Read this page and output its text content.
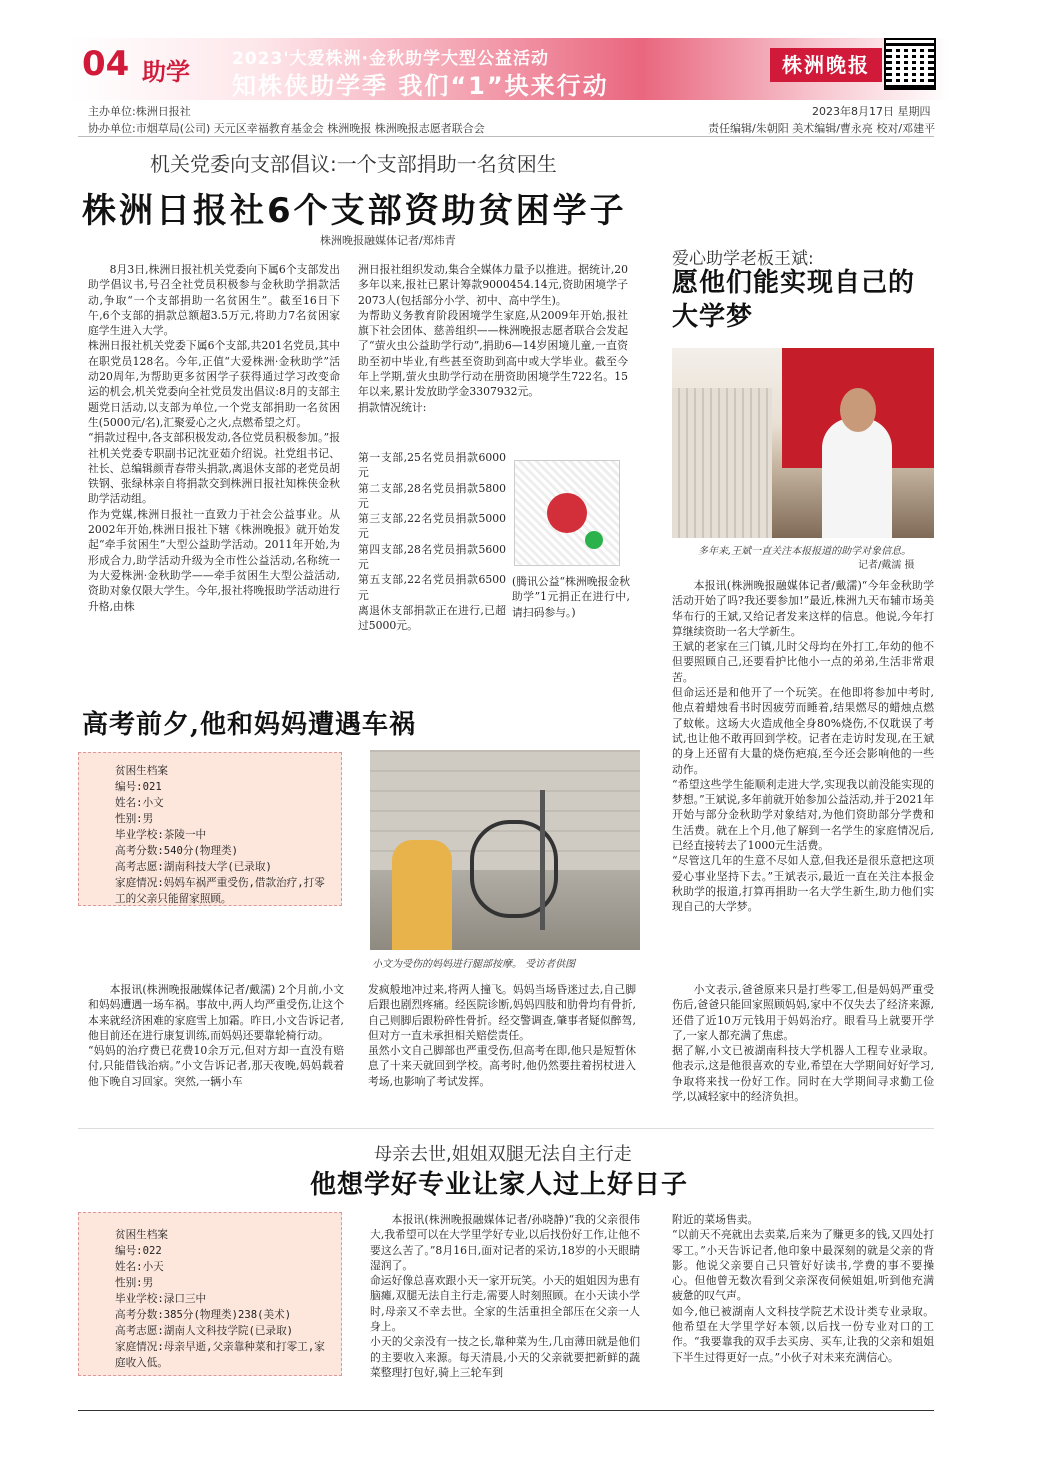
04 助学 2023'大爱株洲·金秋助学大型公益活动
知株侠助学季 我们“1”块来行动
株洲晚报
主办单位:株洲日报社
协办单位:市烟草局(公司) 天元区幸福教育基金会 株洲晚报 株洲晚报志愿者联合会
2023年8月17日 星期四
责任编辑/朱朝阳 美术编辑/曹永亮 校对/邓建平
机关党委向支部倡议:一个支部捐助一名贫困生
株洲日报社6个支部资助贫困学子
株洲晚报融媒体记者/郑炜青
8月3日,株洲日报社机关党委向下属6个支部发出助学倡议书,号召全社党员积极参与金秋助学捐款活动,争取“一个支部捐助一名贫困生”。截至16日下午,6个支部的捐款总额超3.5万元,将助力7名贫困家庭学生进入大学。
株洲日报社机关党委下属6个支部,共201名党员,其中在职党员128名。今年,正值“大爱株洲·金秋助学”活动20周年,为帮助更多贫困学子获得通过学习改变命运的机会,机关党委向全社党员发出倡议:8月的支部主题党日活动,以支部为单位,一个党支部捐助一名贫困生(5000元/名),汇聚爱心之火,点燃希望之灯。
“捐款过程中,各支部积极发动,各位党员积极参加。”报社机关党委专职副书记沈亚茹介绍说。社党组书记、社长、总编辑颜青春带头捐款,离退休支部的老党员胡铁钢、张绿林亲自将捐款交到株洲日报社知株侠金秋助学活动组。
作为党媒,株洲日报社一直致力于社会公益事业。从2002年开始,株洲日报社下辖《株洲晚报》就开始发起“牵手贫困生”大型公益助学活动。2011年开始,为形成合力,助学活动升级为全市性公益活动,名称统一为大爱株洲·金秋助学——牵手贫困生大型公益活动,资助对象仅限大学生。今年,报社将晚报助学活动进行升格,由株
洲日报社组织发动,集合全媒体力量予以推进。据统计,20多年以来,报社已累计筹款9000454.14元,资助困境学子2073人(包括部分小学、初中、高中学生)。
为帮助义务教育阶段困境学生家庭,从2009年开始,报社旗下社会团体、慈善组织——株洲晚报志愿者联合会发起了“萤火虫公益助学行动”,捐助6—14岁困境儿童,一直资助至初中毕业,有些甚至资助到高中或大学毕业。截至今年上学期,萤火虫助学行动在册资助困境学生722名。15年以来,累计发放助学金3307932元。
捐款情况统计:
第一支部,25名党员捐款6000元
第二支部,28名党员捐款5800元
第三支部,22名党员捐款5000元
第四支部,28名党员捐款5600元
第五支部,22名党员捐款6500元
离退休支部捐款正在进行,已超过5000元。
(腾讯公益“株洲晚报金秋助学”1元捐正在进行中,请扫码参与。)
爱心助学老板王斌:
愿他们能实现自己的大学梦
多年来,王斌一直关注本报报道的助学对象信息。
记者/戴濡 摄
本报讯(株洲晚报融媒体记者/戴濡)“今年金秋助学活动开始了吗?我还要参加!”最近,株洲九天布辅市场美华布行的王斌,又给记者发来这样的信息。他说,今年打算继续资助一名大学新生。
王斌的老家在三门镇,儿时父母均在外打工,年幼的他不但要照顾自己,还要看护比他小一点的弟弟,生活非常艰苦。
但命运还是和他开了一个玩笑。在他即将参加中考时,他点着蜡烛看书时因疲劳而睡着,结果燃尽的蜡烛点燃了蚊帐。这场大火造成他全身80%烧伤,不仅耽误了考试,也让他不敢再回到学校。记者在走访时发现,在王斌的身上还留有大量的烧伤疤痕,至今还会影响他的一些动作。
“希望这些学生能顺利走进大学,实现我以前没能实现的梦想。”王斌说,多年前就开始参加公益活动,并于2021年开始与部分金秋助学对象结对,为他们资助部分学费和生活费。就在上个月,他了解到一名学生的家庭情况后,已经直接转去了1000元生活费。
“尽管这几年的生意不尽如人意,但我还是很乐意把这项爱心事业坚持下去。”王斌表示,最近一直在关注本报金秋助学的报道,打算再捐助一名大学生新生,助力他们实现自己的大学梦。
高考前夕,他和妈妈遭遇车祸
贫困生档案
编号:021
姓名:小文
性别:男
毕业学校:茶陵一中
高考分数:540分(物理类)
高考志愿:湖南科技大学(已录取)
家庭情况:妈妈车祸严重受伤,借款治疗,打零工的父亲只能留家照顾。
小文为受伤的妈妈进行腿部按摩。 受访者供图
本报讯(株洲晚报融媒体记者/戴濡) 2个月前,小文和妈妈遭遇一场车祸。事故中,两人均严重受伤,让这个本来就经济困难的家庭雪上加霜。昨日,小文告诉记者,他目前还在进行康复训练,而妈妈还要靠轮椅行动。
“妈妈的治疗费已花费10余万元,但对方却一直没有赔付,只能借钱治病。”小文告诉记者,那天夜晚,妈妈载着他下晚自习回家。突然,一辆小车
发疯般地冲过来,将两人撞飞。妈妈当场昏迷过去,自己脚后跟也剧烈疼痛。经医院诊断,妈妈四肢和肋骨均有骨折,自己则脚后跟粉碎性骨折。经交警调查,肇事者疑似醉驾,但对方一直未承担相关赔偿责任。
虽然小文自己脚部也严重受伤,但高考在即,他只是短暂休息了十来天就回到学校。高考时,他仍然要拄着拐杖进入考场,也影响了考试发挥。
小文表示,爸爸原来只是打些零工,但是妈妈严重受伤后,爸爸只能回家照顾妈妈,家中不仅失去了经济来源,还借了近10万元钱用于妈妈治疗。眼看马上就要开学了,一家人都充满了焦虑。
据了解,小文已被湖南科技大学机器人工程专业录取。他表示,这是他很喜欢的专业,希望在大学期间好好学习,争取将来找一份好工作。同时在大学期间寻求勤工俭学,以减轻家中的经济负担。
母亲去世,姐姐双腿无法自主行走
他想学好专业让家人过上好日子
贫困生档案
编号:022
姓名:小天
性别:男
毕业学校:渌口三中
高考分数:385分(物理类)238(美术)
高考志愿:湖南人文科技学院(已录取)
家庭情况:母亲早逝,父亲靠种菜和打零工,家庭收入低。
本报讯(株洲晚报融媒体记者/孙晓静)“我的父亲很伟大,我希望可以在大学里学好专业,以后找份好工作,让他不要这么苦了。”8月16日,面对记者的采访,18岁的小天眼睛湿润了。
命运好像总喜欢跟小天一家开玩笑。小天的姐姐因为患有脑瘫,双腿无法自主行走,需要人时刻照顾。在小天读小学时,母亲又不幸去世。全家的生活重担全部压在父亲一人身上。
小天的父亲没有一技之长,靠种菜为生,几亩薄田就是他们的主要收入来源。每天清晨,小天的父亲就要把新鲜的蔬菜整理打包好,骑上三轮车到
附近的菜场售卖。
“以前天不亮就出去卖菜,后来为了赚更多的钱,又四处打零工。”小天告诉记者,他印象中最深刻的就是父亲的背影。他说父亲要自己只管好好读书,学费的事不要操心。但他曾无数次看到父亲深夜伺候姐姐,听到他充满疲惫的叹气声。
如今,他已被湖南人文科技学院艺术设计类专业录取。他希望在大学里学好本领,以后找一份专业对口的工作。“我要靠我的双手去买房、买车,让我的父亲和姐姐下半生过得更好一点。”小伙子对未来充满信心。
